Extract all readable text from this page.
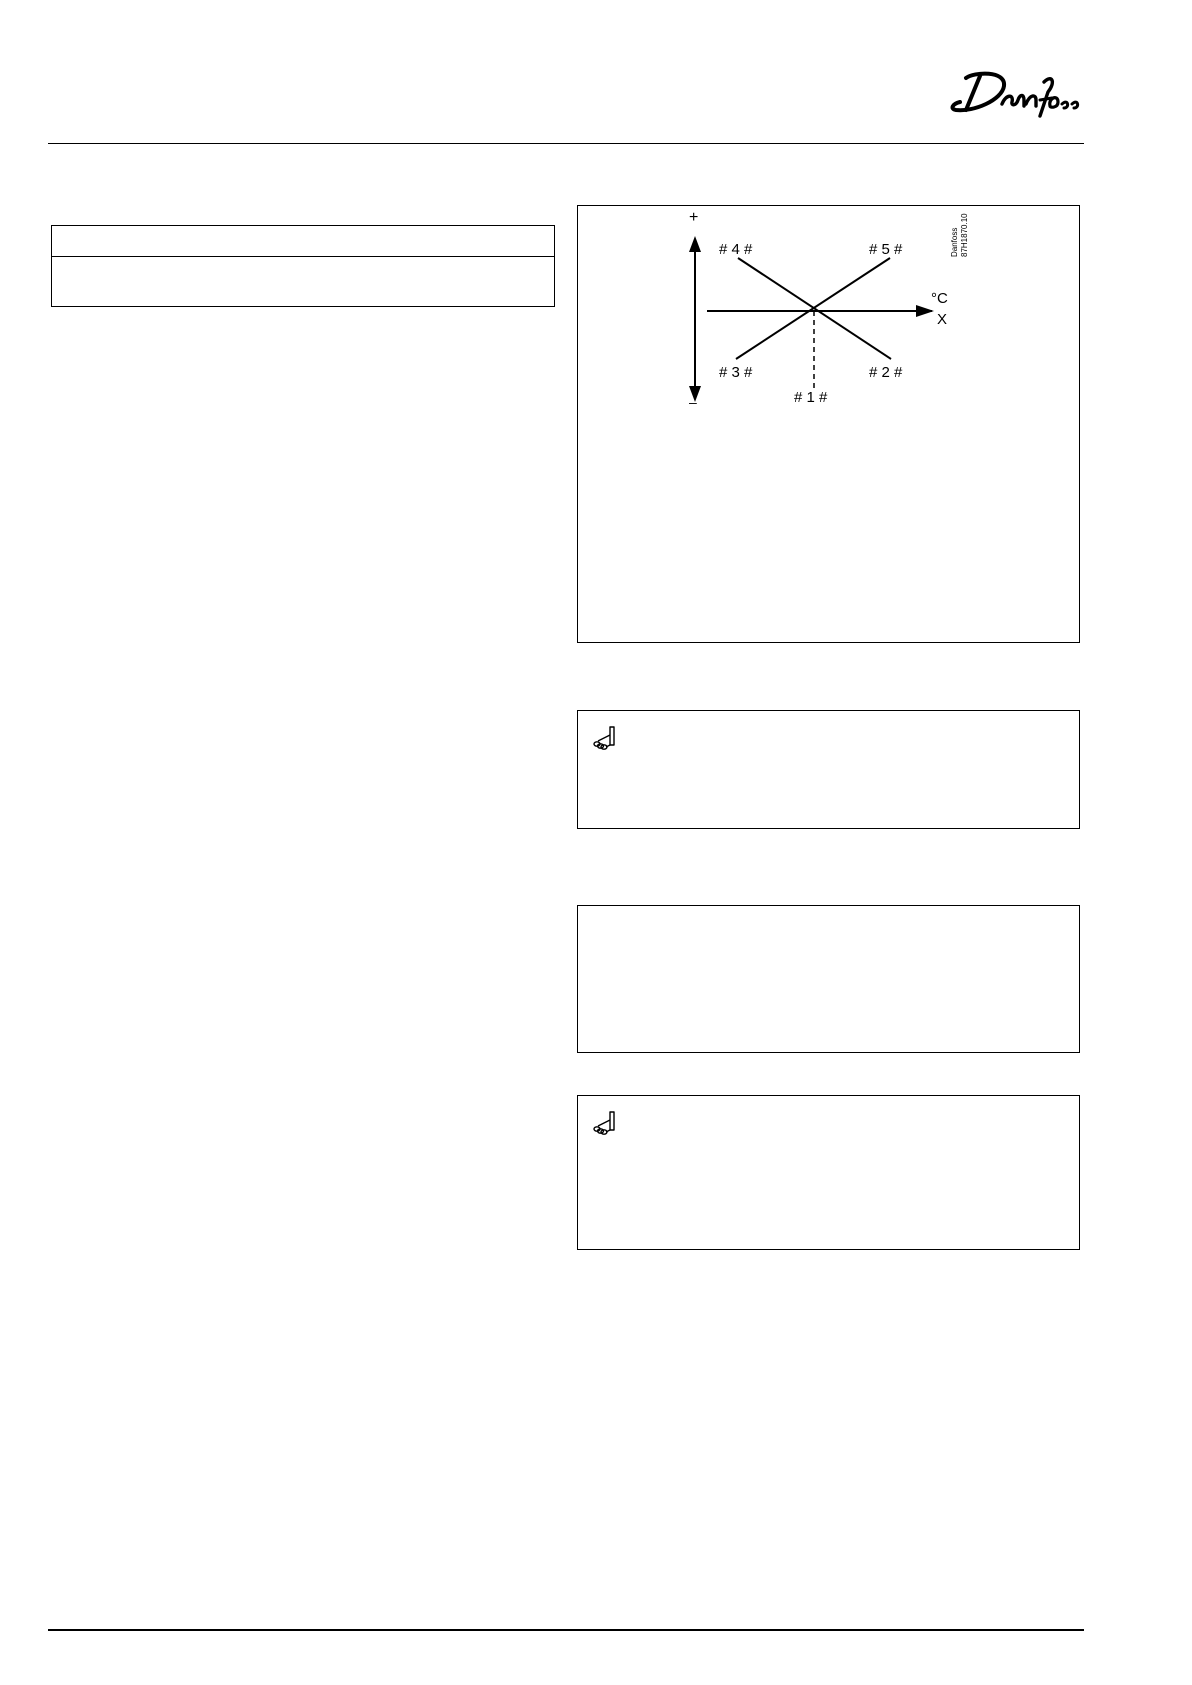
+
–
# 4 #	# 5 #
# 3 #	# 2 #
# 1 #
°C
X
Danfoss 87H1870.10
